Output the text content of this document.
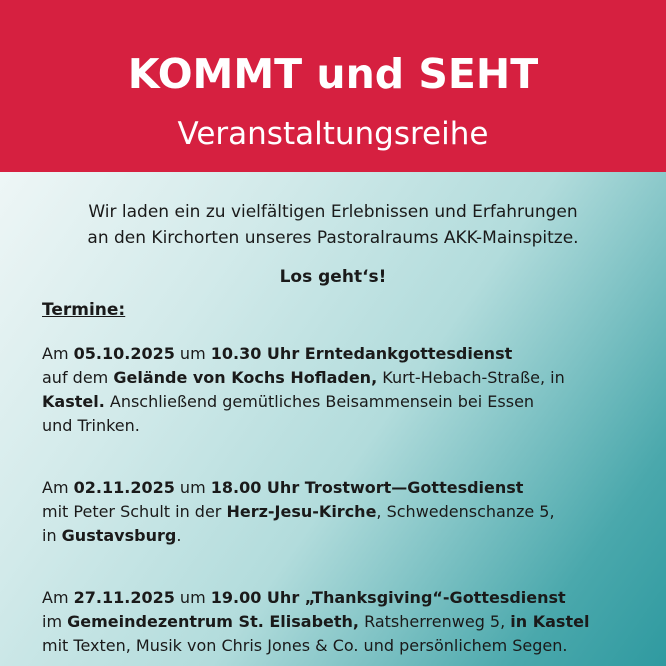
KOMMT und SEHT
Veranstaltungsreihe
Wir laden ein zu vielfältigen Erlebnissen und Erfahrungen
an den Kirchorten unseres Pastoralraums AKK-Mainspitze.
Los geht‘s!
Termine:
Am 05.10.2025 um 10.30 Uhr Erntedankgottesdienst
auf dem Gelände von Kochs Hofladen, Kurt-Hebach-Straße, in
Kastel. Anschließend gemütliches Beisammensein bei Essen
und Trinken.
Am 02.11.2025 um 18.00 Uhr Trostwort—Gottesdienst
mit Peter Schult in der Herz-Jesu-Kirche, Schwedenschanze 5,
in Gustavsburg.
Am 27.11.2025 um 19.00 Uhr „Thanksgiving“-Gottesdienst
im Gemeindezentrum St. Elisabeth, Ratsherrenweg 5, in Kastel
mit Texten, Musik von Chris Jones & Co. und persönlichem Segen.
